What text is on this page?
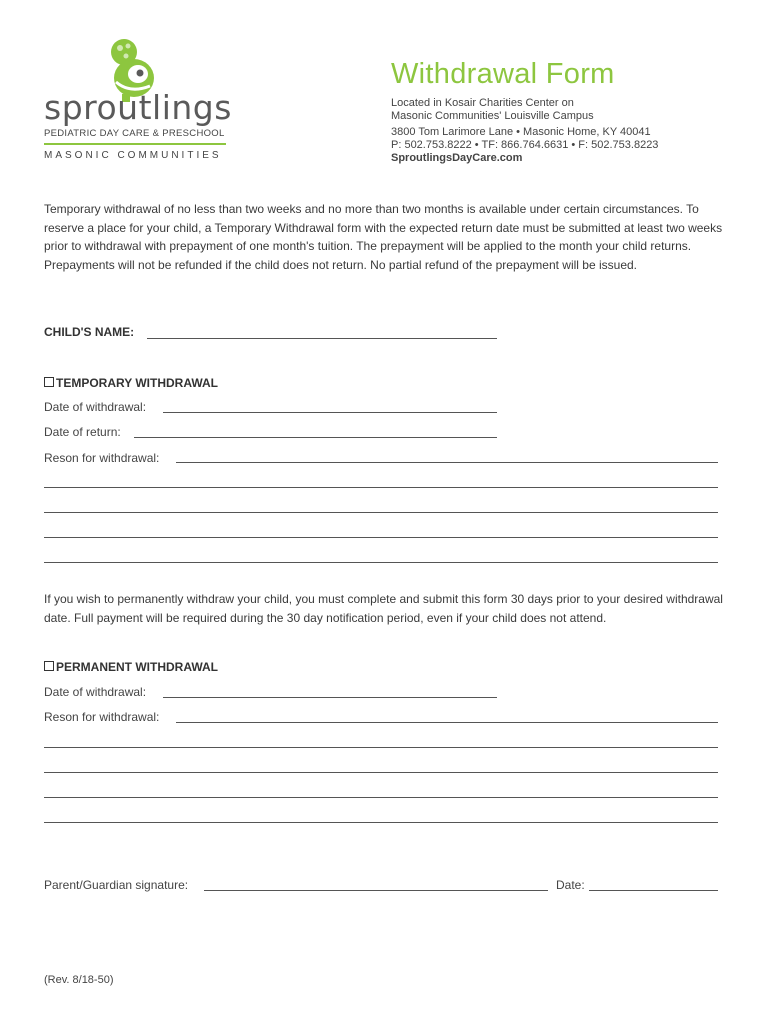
sproutlings
PEDIATRIC DAY CARE & PRESCHOOL
MASONIC COMMUNITIES
Withdrawal Form
Located in Kosair Charities Center on
Masonic Communities' Louisville Campus
3800 Tom Larimore Lane • Masonic Home, KY 40041
P: 502.753.8222 • TF: 866.764.6631 • F: 502.753.8223
SproutlingsDayCare.com
Temporary withdrawal of no less than two weeks and no more than two months is available under certain circumstances. To reserve a place for your child, a Temporary Withdrawal form with the expected return date must be submitted at least two weeks prior to withdrawal with prepayment of one month's tuition. The prepayment will be applied to the month your child returns. Prepayments will not be refunded if the child does not return. No partial refund of the prepayment will be issued.
CHILD'S NAME:
TEMPORARY WITHDRAWAL
Date of withdrawal:
Date of return:
Reson for withdrawal:
If you wish to permanently withdraw your child, you must complete and submit this form 30 days prior to your desired withdrawal date. Full payment will be required during the 30 day notification period, even if your child does not attend.
PERMANENT WITHDRAWAL
Date of withdrawal:
Reson for withdrawal:
Parent/Guardian signature:	Date:
(Rev. 8/18-50)
